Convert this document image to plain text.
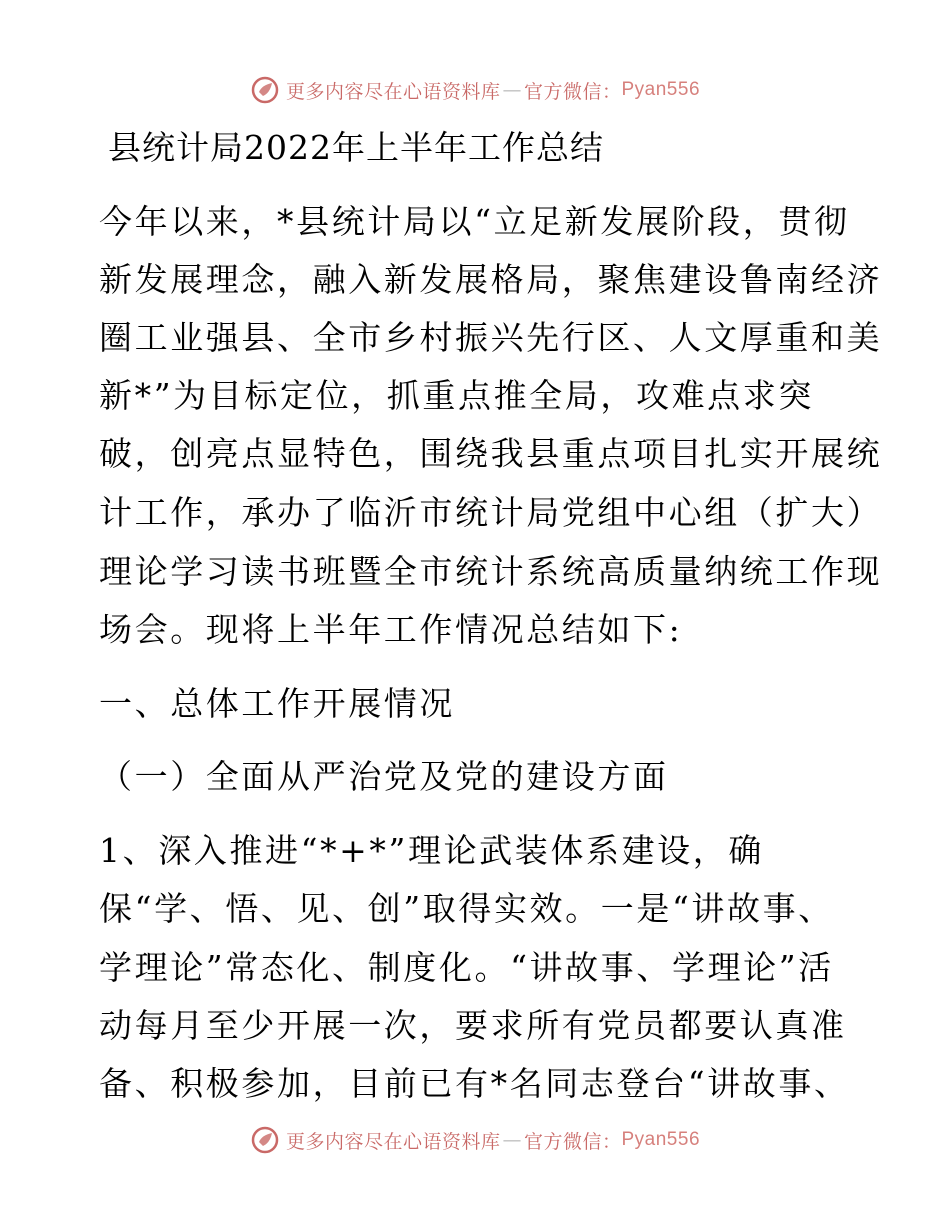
更多内容尽在心语资料库 — 官方微信： Pyan556
县统计局2022年上半年工作总结
今年以来，*县统计局以“立足新发展阶段，贯彻
新发展理念，融入新发展格局，聚焦建设鲁南经济
圈工业强县、全市乡村振兴先行区、人文厚重和美
新*”为目标定位，抓重点推全局，攻难点求突
破，创亮点显特色，围绕我县重点项目扎实开展统
计工作，承办了临沂市统计局党组中心组（扩大）
理论学习读书班暨全市统计系统高质量纳统工作现
场会。现将上半年工作情况总结如下:
一、总体工作开展情况
（一）全面从严治党及党的建设方面
1、深入推进“*+*”理论武装体系建设，确
保“学、悟、见、创”取得实效。一是“讲故事、
学理论”常态化、制度化。“讲故事、学理论”活
动每月至少开展一次，要求所有党员都要认真准
备、积极参加，目前已有*名同志登台“讲故事、
更多内容尽在心语资料库 — 官方微信： Pyan556
